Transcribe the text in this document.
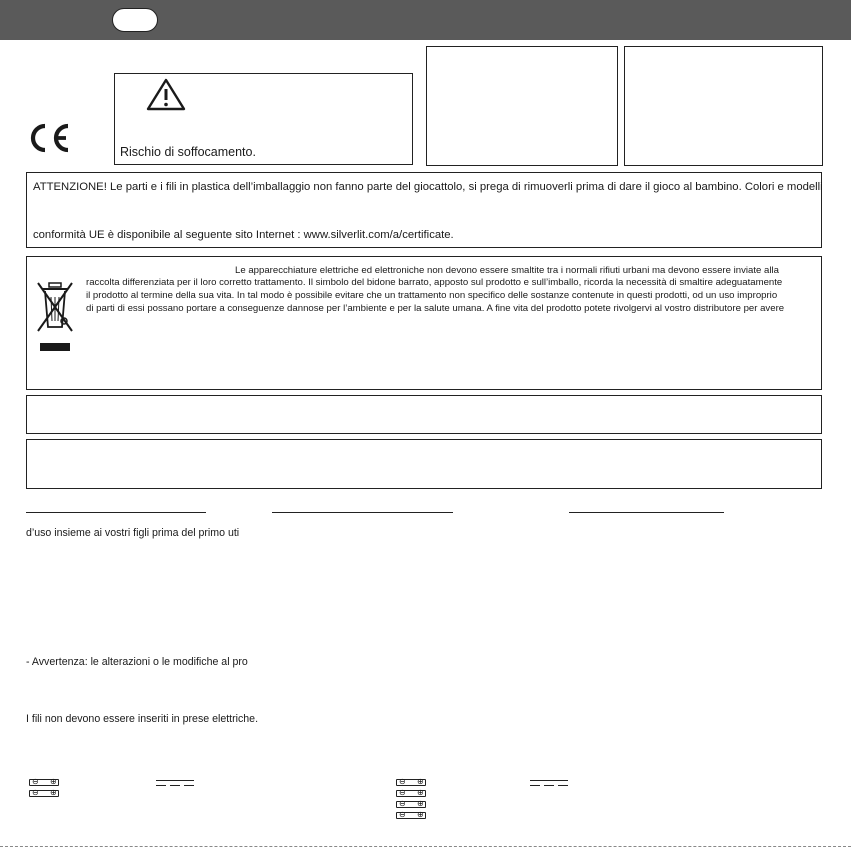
Rischio di soffocamento.
ATTENZIONE! Le parti e i fili in plastica dell’imballaggio non fanno parte del giocattolo, si prega di rimuoverli prima di dare il gioco al bambino. Colori e modelli
conformità UE è disponibile al seguente sito Internet : www.silverlit.com/a/certificate.
Le apparecchiature elettriche ed elettroniche non devono essere smaltite tra i normali rifiuti urbani ma devono essere inviate alla
raccolta differenziata per il loro corretto trattamento. Il simbolo del bidone barrato, apposto sul prodotto e sull’imballo, ricorda la necessità di smaltire adeguatamente
il prodotto al termine della sua vita. In tal modo è possibile evitare che un trattamento non specifico delle sostanze contenute in questi prodotti, od un uso improprio
di parti di essi possano portare a conseguenze dannose per l’ambiente e per la salute umana. A fine vita del prodotto potete rivolgervi al vostro distributore per avere
d’uso insieme ai vostri figli prima del primo uti
- Avvertenza: le alterazioni o le modifiche al pro
I fili non devono essere inseriti in prese elettriche.
⊖ ⊕
⊖ ⊕
⊖ ⊕
⊖ ⊕
⊖ ⊕
⊖ ⊕
